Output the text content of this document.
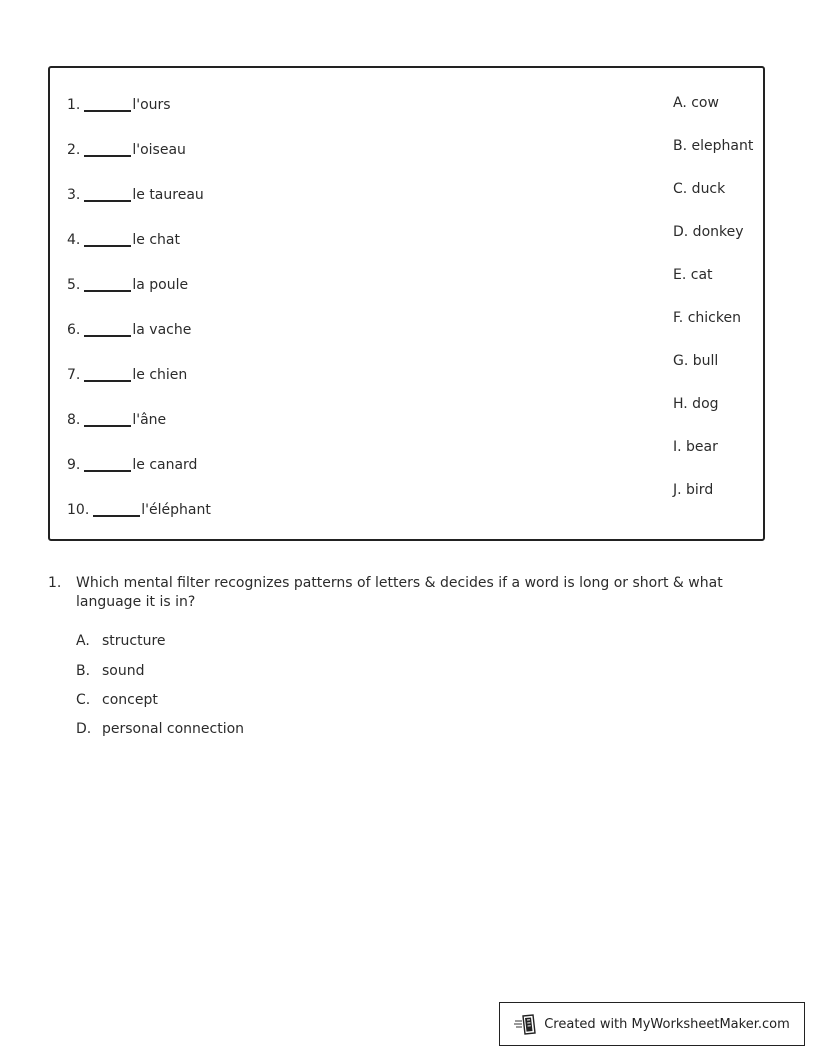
1.	l'ours
2.	l'oiseau
3.	le taureau
4.	le chat
5.	la poule
6.	la vache
7.	le chien
8.	l'âne
9.	le canard
10.	l'éléphant
A. cow
B. elephant
C. duck
D. donkey
E. cat
F. chicken
G. bull
H. dog
I. bear
J. bird
1. Which mental filter recognizes patterns of letters & decides if a word is long or short & what language it is in?
A. structure
B. sound
C. concept
D. personal connection
Created with MyWorksheetMaker.com
